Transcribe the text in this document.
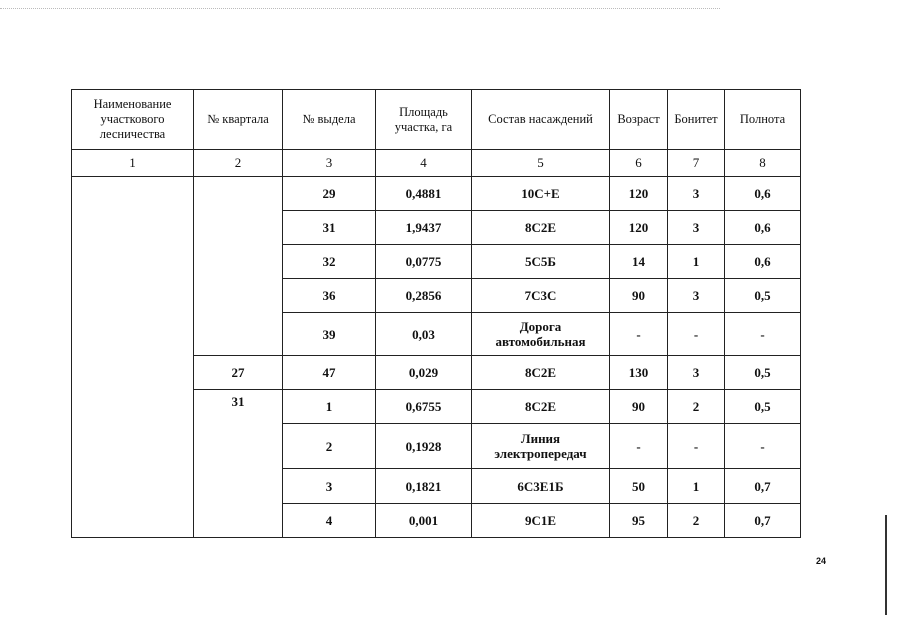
Наименование участкового лесничества	№ квартала	№ выдела	Площадь участка, га	Состав насаждений	Возраст	Бонитет	Полнота
1	2	3	4	5	6	7	8
		29	0,4881	10С+Е	120	3	0,6
		31	1,9437	8С2Е	120	3	0,6
		32	0,0775	5С5Б	14	1	0,6
		36	0,2856	7С3С	90	3	0,5
		39	0,03	Дорога автомобильная	-	-	-
	27	47	0,029	8С2Е	130	3	0,5
	31	1	0,6755	8С2Е	90	2	0,5
		2	0,1928	Линия электропередач	-	-	-
		3	0,1821	6С3Е1Б	50	1	0,7
		4	0,001	9С1Е	95	2	0,7
24
